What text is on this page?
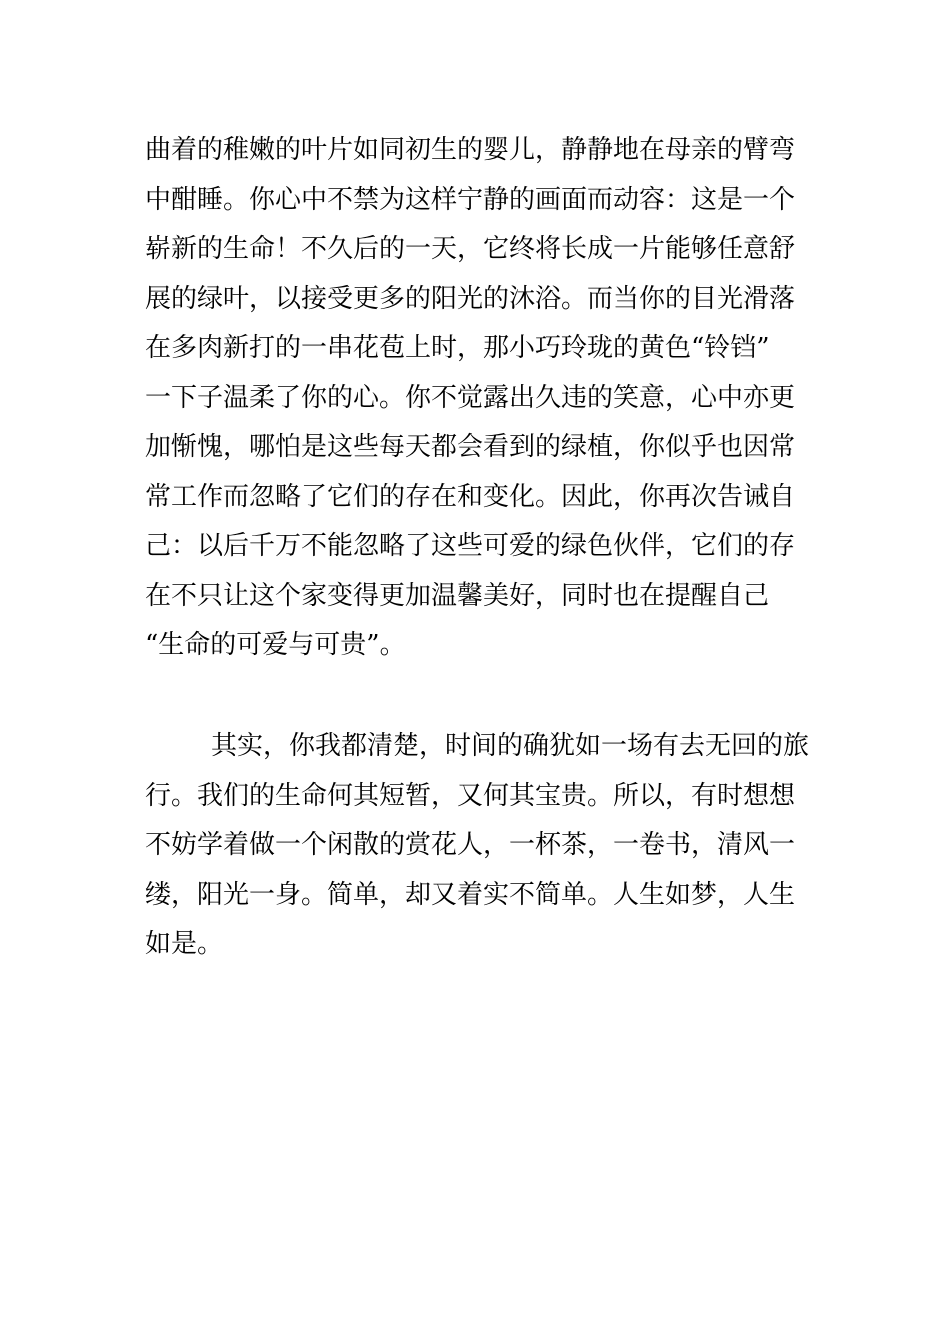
曲着的稚嫩的叶片如同初生的婴儿，静静地在母亲的臂弯
中酣睡。你心中不禁为这样宁静的画面而动容：这是一个
崭新的生命！不久后的一天，它终将长成一片能够任意舒
展的绿叶，以接受更多的阳光的沐浴。而当你的目光滑落
在多肉新打的一串花苞上时，那小巧玲珑的黄色“铃铛”
一下子温柔了你的心。你不觉露出久违的笑意，心中亦更
加惭愧，哪怕是这些每天都会看到的绿植，你似乎也因常
常工作而忽略了它们的存在和变化。因此，你再次告诫自
己：以后千万不能忽略了这些可爱的绿色伙伴，它们的存
在不只让这个家变得更加温馨美好，同时也在提醒自己
“生命的可爱与可贵”。
其实，你我都清楚，时间的确犹如一场有去无回的旅
行。我们的生命何其短暂，又何其宝贵。所以，有时想想
不妨学着做一个闲散的赏花人，一杯茶，一卷书，清风一
缕，阳光一身。简单，却又着实不简单。人生如梦，人生
如是。
